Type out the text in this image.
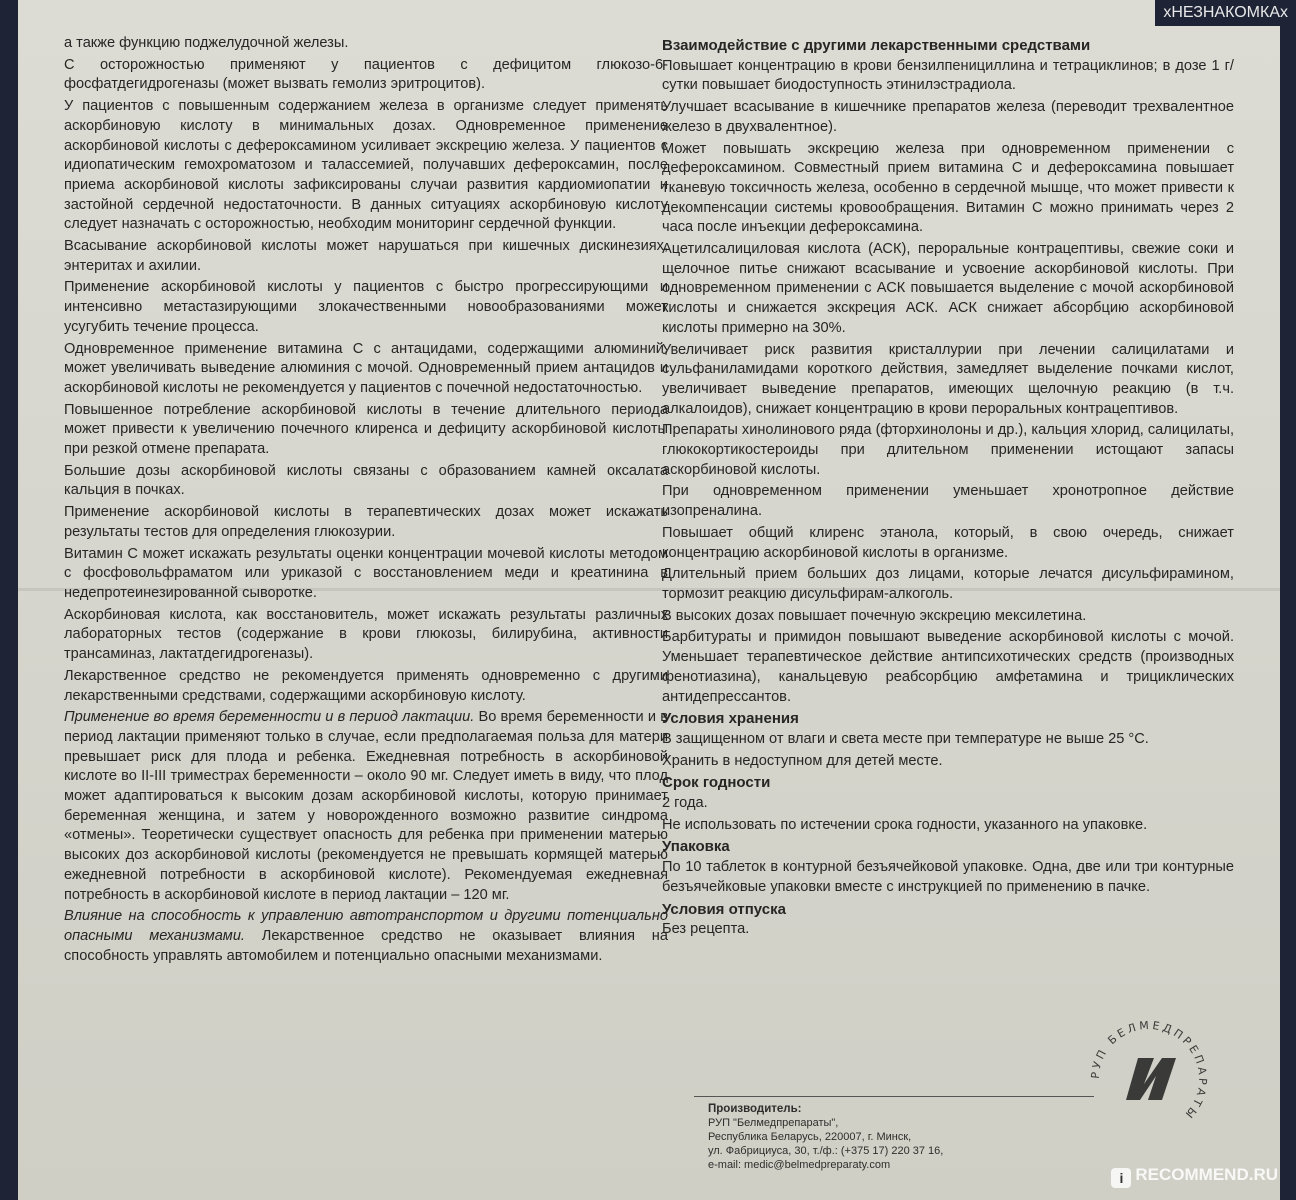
а также функцию поджелудочной железы.

С осторожностью применяют у пациентов с дефицитом глюкозо-6-фосфатдегидрогеназы (может вызвать гемолиз эритроцитов).

У пациентов с повышенным содержанием железа в организме следует применять аскорбиновую кислоту в минимальных дозах. Одновременное применение аскорбиновой кислоты с дефероксамином усиливает экскрецию железа. У пациентов с идиопатическим гемохроматозом и талассемией, получавших дефероксамин, после приема аскорбиновой кислоты зафиксированы случаи развития кардиомиопатии и застойной сердечной недостаточности. В данных ситуациях аскорбиновую кислоту следует назначать с осторожностью, необходим мониторинг сердечной функции.

Всасывание аскорбиновой кислоты может нарушаться при кишечных дискинезиях, энтеритах и ахилии.

Применение аскорбиновой кислоты у пациентов с быстро прогрессирующими и интенсивно метастазирующими злокачественными новообразованиями может усугубить течение процесса.

Одновременное применение витамина С с антацидами, содержащими алюминий, может увеличивать выведение алюминия с мочой. Одновременный прием антацидов и аскорбиновой кислоты не рекомендуется у пациентов с почечной недостаточностью.

Повышенное потребление аскорбиновой кислоты в течение длительного периода может привести к увеличению почечного клиренса и дефициту аскорбиновой кислоты при резкой отмене препарата.

Большие дозы аскорбиновой кислоты связаны с образованием камней оксалата кальция в почках.

Применение аскорбиновой кислоты в терапевтических дозах может искажать результаты тестов для определения глюкозурии.

Витамин С может искажать результаты оценки концентрации мочевой кислоты методом с фосфовольфраматом или уриказой с восстановлением меди и креатинина в недепротеинезированной сыворотке.

Аскорбиновая кислота, как восстановитель, может искажать результаты различных лабораторных тестов (содержание в крови глюкозы, билирубина, активности трансаминаз, лактатдегидрогеназы).

Лекарственное средство не рекомендуется применять одновременно с другими лекарственными средствами, содержащими аскорбиновую кислоту.

Применение во время беременности и в период лактации. Во время беременности и в период лактации применяют только в случае, если предполагаемая польза для матери превышает риск для плода и ребенка. Ежедневная потребность в аскорбиновой кислоте во II-III триместрах беременности – около 90 мг. Следует иметь в виду, что плод может адаптироваться к высоким дозам аскорбиновой кислоты, которую принимает беременная женщина, и затем у новорожденного возможно развитие синдрома «отмены». Теоретически существует опасность для ребенка при применении матерью высоких доз аскорбиновой кислоты (рекомендуется не превышать кормящей матерью ежедневной потребности в аскорбиновой кислоте). Рекомендуемая ежедневная потребность в аскорбиновой кислоте в период лактации – 120 мг.

Влияние на способность к управлению автотранспортом и другими потенциально опасными механизмами. Лекарственное средство не оказывает влияния на способность управлять автомобилем и потенциально опасными механизмами.

Взаимодействие с другими лекарственными средствами

Повышает концентрацию в крови бензилпенициллина и тетрациклинов; в дозе 1 г/сутки повышает биодоступность этинилэстрадиола.

Улучшает всасывание в кишечнике препаратов железа (переводит трехвалентное железо в двухвалентное).

Может повышать экскрецию железа при одновременном применении с дефероксамином. Совместный прием витамина С и дефероксамина повышает тканевую токсичность железа, особенно в сердечной мышце, что может привести к декомпенсации системы кровообращения. Витамин С можно принимать через 2 часа после инъекции дефероксамина.

Ацетилсалициловая кислота (АСК), пероральные контрацептивы, свежие соки и щелочное питье снижают всасывание и усвоение аскорбиновой кислоты. При одновременном применении с АСК повышается выделение с мочой аскорбиновой кислоты и снижается экскреция АСК. АСК снижает абсорбцию аскорбиновой кислоты примерно на 30%.

Увеличивает риск развития кристаллурии при лечении салицилатами и сульфаниламидами короткого действия, замедляет выделение почками кислот, увеличивает выведение препаратов, имеющих щелочную реакцию (в т.ч. алкалоидов), снижает концентрацию в крови пероральных контрацептивов.

Препараты хинолинового ряда (фторхинолоны и др.), кальция хлорид, салицилаты, глюкокортикостероиды при длительном применении истощают запасы аскорбиновой кислоты.

При одновременном применении уменьшает хронотропное действие изопреналина.

Повышает общий клиренс этанола, который, в свою очередь, снижает концентрацию аскорбиновой кислоты в организме.

Длительный прием больших доз лицами, которые лечатся дисульфирамином, тормозит реакцию дисульфирам-алкоголь.

В высоких дозах повышает почечную экскрецию мексилетина.

Барбитураты и примидон повышают выведение аскорбиновой кислоты с мочой. Уменьшает терапевтическое действие антипсихотических средств (производных фенотиазина), канальцевую реабсорбцию амфетамина и трициклических антидепрессантов.

Условия хранения

В защищенном от влаги и света месте при температуре не выше 25 °С.

Хранить в недоступном для детей месте.

Срок годности

2 года.

Не использовать по истечении срока годности, указанного на упаковке.

Упаковка

По 10 таблеток в контурной безъячейковой упаковке. Одна, две или три контурные безъячейковые упаковки вместе с инструкцией по применению в пачке.

Условия отпуска

Без рецепта.

Производитель:
РУП "Белмедпрепараты",
Республика Беларусь, 220007, г. Минск,
ул. Фабрициуса, 30, т./ф.: (+375 17) 220 37 16,
e-mail: medic@belmedpreparaty.com
РУП БЕЛМЕДПРЕПАРАТЫ
хНЕЗНАКОМКАх
i RECOMMEND.RU
